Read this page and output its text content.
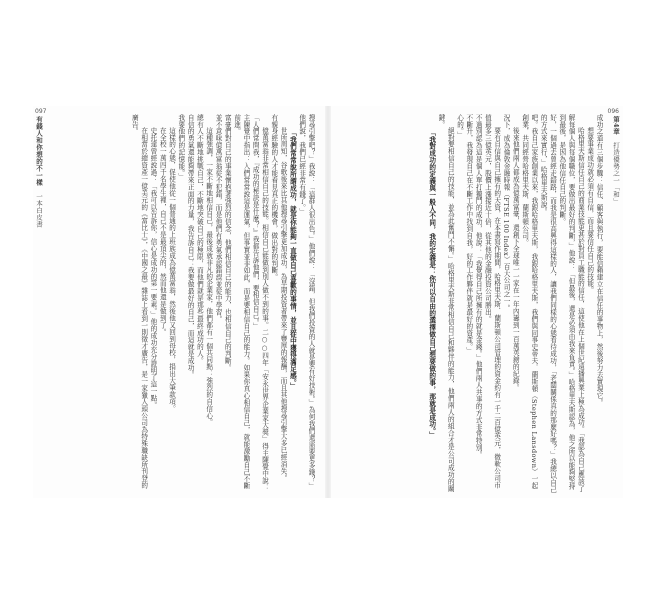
096
第4章 打造優勢之一「和」

成功之道有三個步驟：信任、顧客與執行，要能信賴建立在信任的事物上，然後努力去實現它。

想要事業成功就必須有自信，而且要信任自己的技能。

哈格里夫斯信任自己的商業技能更甚於對員工職能的信任，這使他在上個世紀遠播興業上極為成功。「我認為自己應該了解每個人與每個職位，要做出最好的判斷，」他說：「但最後，還是必須由我來負責。」哈格里夫斯認為，他之所以能夠堅持到最後，是因為他信任自己的判斷。

好，一個過去曾經走錯路，而我是很高興得這樣的人，讓我們同樣的心態看待成功，「老闆關係真的那麼好嗎？」我總以自己的方式來實行，」哈格里夫斯說。

吧。我自己家族創業以來，我跟哈格里夫斯，我跟哈格里夫斯，我們與同事史蒂夫．蘭斯頓（Stephen Lansdown）一起創業，共同經營哈格里夫斯．蘭斯頓公司。

後來他們兩人都成為億萬富豪，還創下全球唯一一家在一年內籌到一百萬英鎊的紀錄。

況下，成為倫敦金融時報（FTSE 100 Index）百大公司之一。

要有自信與自己擁有的天資，在本書寫作期間，哈格里夫斯．蘭斯頓公司管理的資金約有一千二百億英元，微軟公司市值最多三億英元，股價上漲接近十倍，從其他的金融投資公司勝出。

不過別認為這是個人單打獨鬥的成功，他說：「我覺得自己所擁有的就是金錢。」他們兩人共事的方式非常特別。

不斷升，我發現自己在不斷工作中找到自我，好的工作夥伴就是最好的資產。」

心的。」

絕對要相信自己的技能，並為此奮鬥不懈。」哈格里夫斯非常相信自己和夥伴的能力，他們兩人的組合才是公司成功的關鍵。

「我對成功的定義與一般人不同，我的定義是：你可以自由的選擇做自己想要做的事，那就是成功。」

097
有錢人和你想的不一樣 一本白皮書	搜尋引擎吧？」我說：「這群人很出色。」他們說：「沒錯，但我們投資的人就是要有好技術。」為何我們還需要更多錢？」

他們說，我們已經非常有錢了。」

「我們常常說所謂成功，就是你能夠一直做自己喜歡的事情，並且從中獲得滿足感。」

世所周知，谷歌後來比其他搜尋引擎更加成功，為早期投資者帶來了豐厚的報酬，而且其他搜尋引擎大多已經消失。

有親身經驗的人才能看見真正的機會，做出對的判斷。

億萬富翁非常相信自己的技能。相信自己能做到別人做不到的事。二○○四年「安永世界企業家大獎」得主陳覺中說：「人們常問我，『成功的秘訣是什麼？』我都告訴他們，要相信自己。」

主陳覺中指出：入們常常說這是運氣，但事實並非如此，而是要相信自己的能力。如果你真心相信自己，就能激勵自己不斷前進。

富豪們對自己的事業懷抱著強烈的信念，他們相信自己的能力，也相信自己的判斷。

並不意味億萬富翁從不犯錯，而是他們有勇氣承認錯誤並從中學習。

這種強調，一家不斷地相信自己，最後成就非凡的企業家，他們都有一個共同點：強烈的自信心。

總有人不斷地挑戰自己，不斷地突破自己的極限，而他們就是那些最終成功的人。

自信的勇氣還能夠帶來正面的力量，我告訴自己：我要做最好的自己，而這就是成功。

我要他們的記憶能。」

這樣的心態，促使他從一個普通的上班族成為億萬富翁，然後他又回到母校，捐出大筆款項。

在全校一萬四千名學生裡，自己不是最頂尖的，然而他還是做到了。

史托達曾經說過：「我可以告訴你，信心是成功的第一要素。」他的成功充分證明了這一點。

在相當於總資產一億美元的《富比士》，《中國之最》雜誌上看到一則徵才廣告，是一家獵人頭公司為特殊職缺所刊登的廣告。
